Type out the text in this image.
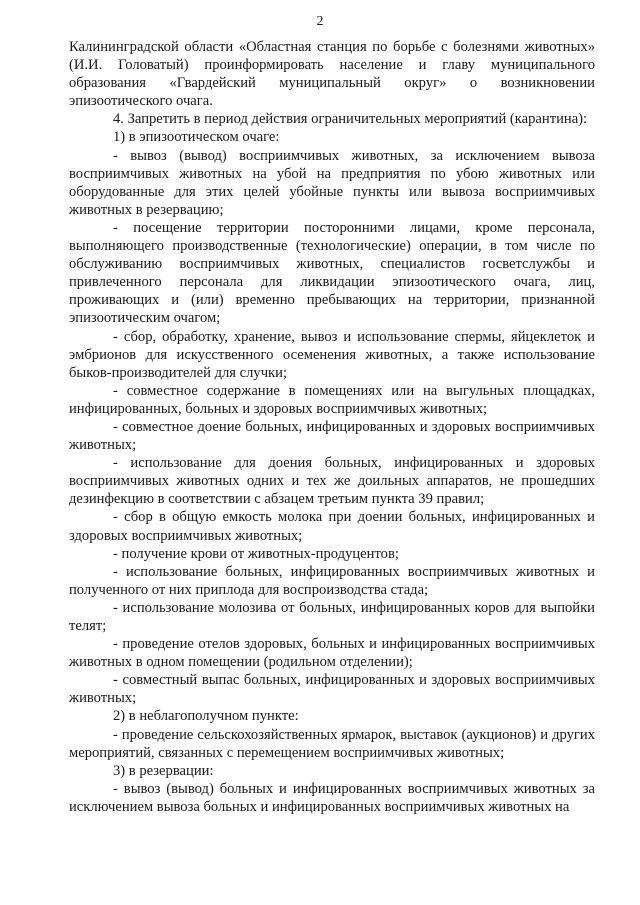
2

Калининградской области «Областная станция по борьбе с болезнями животных» (И.И. Головатый) проинформировать население и главу муниципального образования «Гвардейский муниципальный округ» о возникновении эпизоотического очага.

4. Запретить в период действия ограничительных мероприятий (карантина):

1) в эпизоотическом очаге:

- вывоз (вывод) восприимчивых животных, за исключением вывоза восприимчивых животных на убой на предприятия по убою животных или оборудованные для этих целей убойные пункты или вывоза восприимчивых животных в резервацию;

- посещение территории посторонними лицами, кроме персонала, выполняющего производственные (технологические) операции, в том числе по обслуживанию восприимчивых животных, специалистов госветслужбы и привлеченного персонала для ликвидации эпизоотического очага, лиц, проживающих и (или) временно пребывающих на территории, признанной эпизоотическим очагом;

- сбор, обработку, хранение, вывоз и использование спермы, яйцеклеток и эмбрионов для искусственного осеменения животных, а также использование быков-производителей для случки;

- совместное содержание в помещениях или на выгульных площадках, инфицированных, больных и здоровых восприимчивых животных;

- совместное доение больных, инфицированных и здоровых восприимчивых животных;

- использование для доения больных, инфицированных и здоровых восприимчивых животных одних и тех же доильных аппаратов, не прошедших дезинфекцию в соответствии с абзацем третьим пункта 39 правил;

- сбор в общую емкость молока при доении больных, инфицированных и здоровых восприимчивых животных;

- получение крови от животных-продуцентов;

- использование больных, инфицированных восприимчивых животных и полученного от них приплода для воспроизводства стада;

- использование молозива от больных, инфицированных коров для выпойки телят;

- проведение отелов здоровых, больных и инфицированных восприимчивых животных в одном помещении (родильном отделении);

- совместный выпас больных, инфицированных и здоровых восприимчивых животных;

2) в неблагополучном пункте:

- проведение сельскохозяйственных ярмарок, выставок (аукционов) и других мероприятий, связанных с перемещением восприимчивых животных;

3) в резервации:

- вывоз (вывод) больных и инфицированных восприимчивых животных за исключением вывоза больных и инфицированных восприимчивых животных на
